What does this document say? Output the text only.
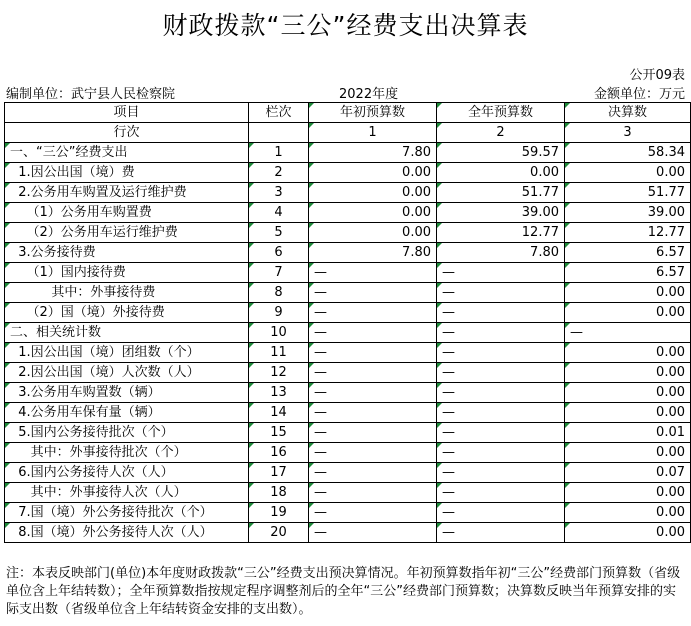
财政拨款“三公”经费支出决算表
公开09表
编制单位：武宁县人民检察院	2022年度	金额单位：万元
项目	栏次	年初预算数	全年预算数	决算数
行次		1	2	3
一、“三公”经费支出	1	7.80	59.57	58.34
1.因公出国（境）费	2	0.00	0.00	0.00
2.公务用车购置及运行维护费	3	0.00	51.77	51.77
（1）公务用车购置费	4	0.00	39.00	39.00
（2）公务用车运行维护费	5	0.00	12.77	12.77
3.公务接待费	6	7.80	7.80	6.57
（1）国内接待费	7	—	—	6.57
其中：外事接待费	8	—	—	0.00
（2）国（境）外接待费	9	—	—	0.00
二、相关统计数	10	—	—	—
1.因公出国（境）团组数（个）	11	—	—	0.00
2.因公出国（境）人次数（人）	12	—	—	0.00
3.公务用车购置数（辆）	13	—	—	0.00
4.公务用车保有量（辆）	14	—	—	0.00
5.国内公务接待批次（个）	15	—	—	0.01
其中：外事接待批次（个）	16	—	—	0.00
6.国内公务接待人次（人）	17	—	—	0.07
其中：外事接待人次（人）	18	—	—	0.00
7.国（境）外公务接待批次（个）	19	—	—	0.00
8.国（境）外公务接待人次（人）	20	—	—	0.00
注：本表反映部门(单位)本年度财政拨款“三公”经费支出预决算情况。年初预算数指年初“三公”经费部门预算数（省级单位含上年结转数）；全年预算数指按规定程序调整剂后的全年“三公”经费部门预算数；决算数反映当年预算安排的实际支出数（省级单位含上年结转资金安排的支出数）。
